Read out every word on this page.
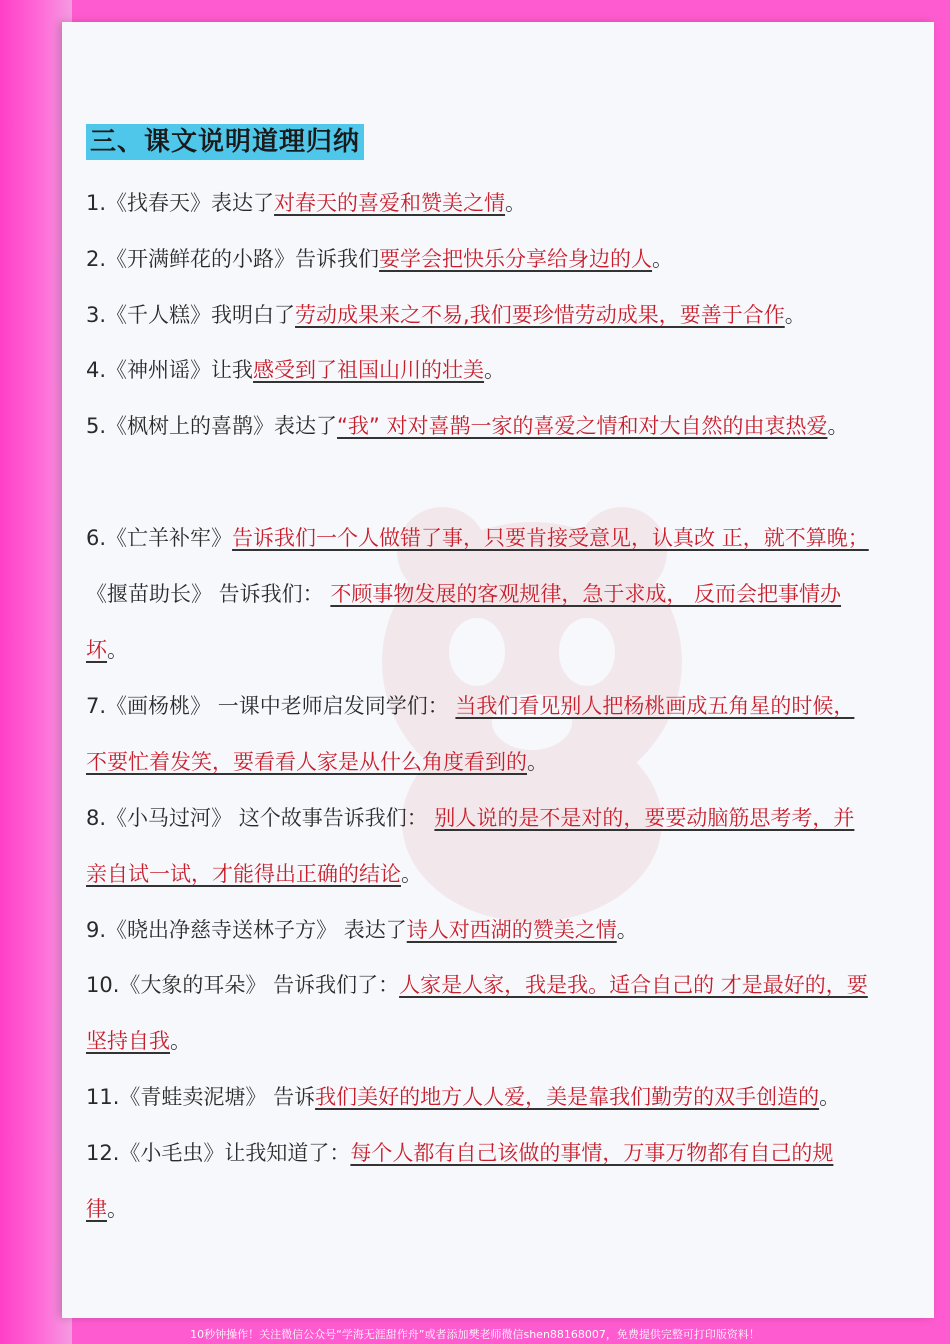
三、课文说明道理归纳
1.《找春天》表达了对春天的喜爱和赞美之情。
2.《开满鲜花的小路》告诉我们要学会把快乐分享给身边的人。
3.《千人糕》我明白了劳动成果来之不易,我们要珍惜劳动成果，要善于合作。
4.《神州谣》让我感受到了祖国山川的壮美。
5.《枫树上的喜鹊》表达了“我” 对对喜鹊一家的喜爱之情和对大自然的由衷热爱。
6.《亡羊补牢》告诉我们一个人做错了事，只要肯接受意见，认真改 正，就不算晚； 《揠苗助长》 告诉我们： 不顾事物发展的客观规律，急于求成， 反而会把事情办坏。
7.《画杨桃》 一课中老师启发同学们： 当我们看见别人把杨桃画成五角星的时候，不要忙着发笑，要看看人家是从什么角度看到的。
8.《小马过河》 这个故事告诉我们： 别人说的是不是对的，要要动脑筋思考考，并亲自试一试，才能得出正确的结论。
9.《晓出净慈寺送林子方》 表达了诗人对西湖的赞美之情。
10.《大象的耳朵》 告诉我们了：人家是人家，我是我。适合自己的 才是最好的，要坚持自我。
11.《青蛙卖泥塘》 告诉我们美好的地方人人爱，美是靠我们勤劳的双手创造的。
12.《小毛虫》让我知道了：每个人都有自己该做的事情，万事万物都有自己的规律。
10秒钟操作！关注微信公众号“学海无涯甜作舟”或者添加樊老师微信shen88168007，免费提供完整可打印版资料！
